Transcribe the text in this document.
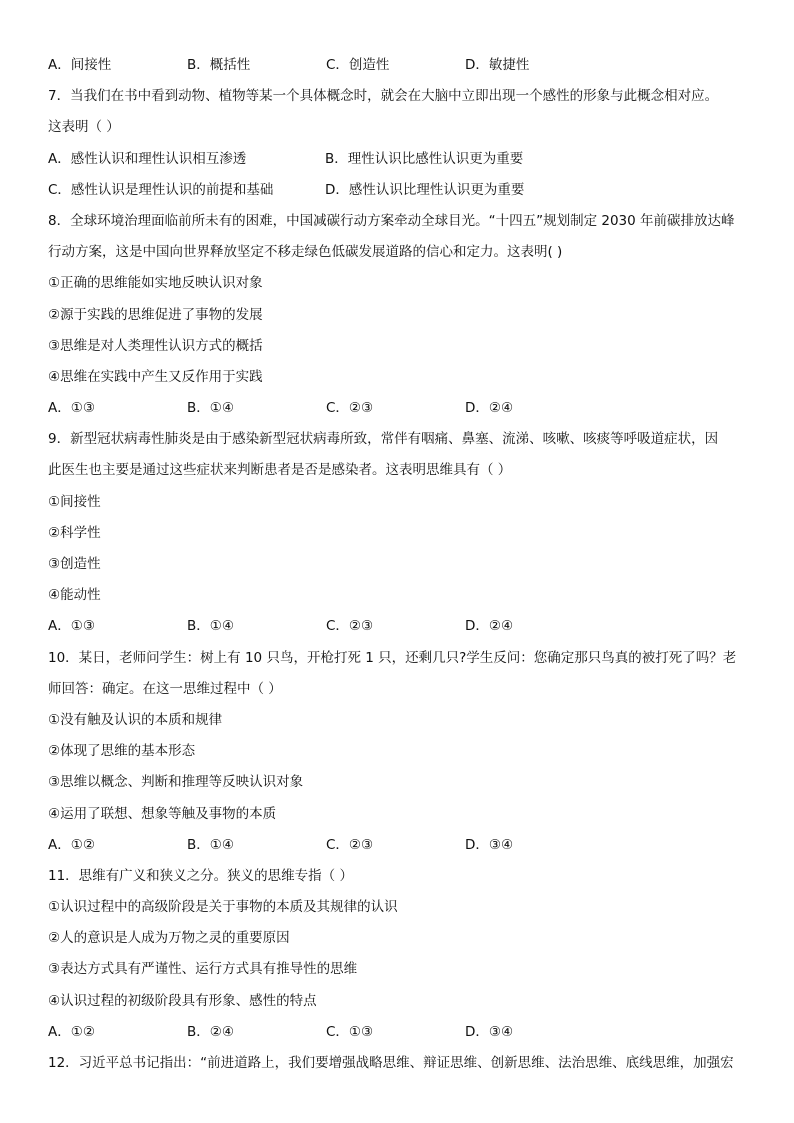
A．间接性	B．概括性	C．创造性	D．敏捷性
7．当我们在书中看到动物、植物等某一个具体概念时，就会在大脑中立即出现一个感性的形象与此概念相对应。
这表明（ ）
A．感性认识和理性认识相互渗透	B．理性认识比感性认识更为重要
C．感性认识是理性认识的前提和基础	D．感性认识比理性认识更为重要
8．全球环境治理面临前所未有的困难，中国减碳行动方案牵动全球目光。“十四五”规划制定 2030 年前碳排放达峰
行动方案，这是中国向世界释放坚定不移走绿色低碳发展道路的信心和定力。这表明( )
①正确的思维能如实地反映认识对象
②源于实践的思维促进了事物的发展
③思维是对人类理性认识方式的概括
④思维在实践中产生又反作用于实践
A．①③	B．①④	C．②③	D．②④
9．新型冠状病毒性肺炎是由于感染新型冠状病毒所致，常伴有咽痛、鼻塞、流涕、咳嗽、咳痰等呼吸道症状，因
此医生也主要是通过这些症状来判断患者是否是感染者。这表明思维具有（ ）
①间接性
②科学性
③创造性
④能动性
A．①③	B．①④	C．②③	D．②④
10．某日，老师问学生：树上有 10 只鸟，开枪打死 1 只，还剩几只?学生反问：您确定那只鸟真的被打死了吗？老
师回答：确定。在这一思维过程中（ ）
①没有触及认识的本质和规律
②体现了思维的基本形态
③思维以概念、判断和推理等反映认识对象
④运用了联想、想象等触及事物的本质
A．①②	B．①④	C．②③	D．③④
11．思维有广义和狭义之分。狭义的思维专指（ ）
①认识过程中的高级阶段是关于事物的本质及其规律的认识
②人的意识是人成为万物之灵的重要原因
③表达方式具有严谨性、运行方式具有推导性的思维
④认识过程的初级阶段具有形象、感性的特点
A．①②	B．②④	C．①③	D．③④
12．习近平总书记指出：“前进道路上，我们要增强战略思维、辩证思维、创新思维、法治思维、底线思维，加强宏
